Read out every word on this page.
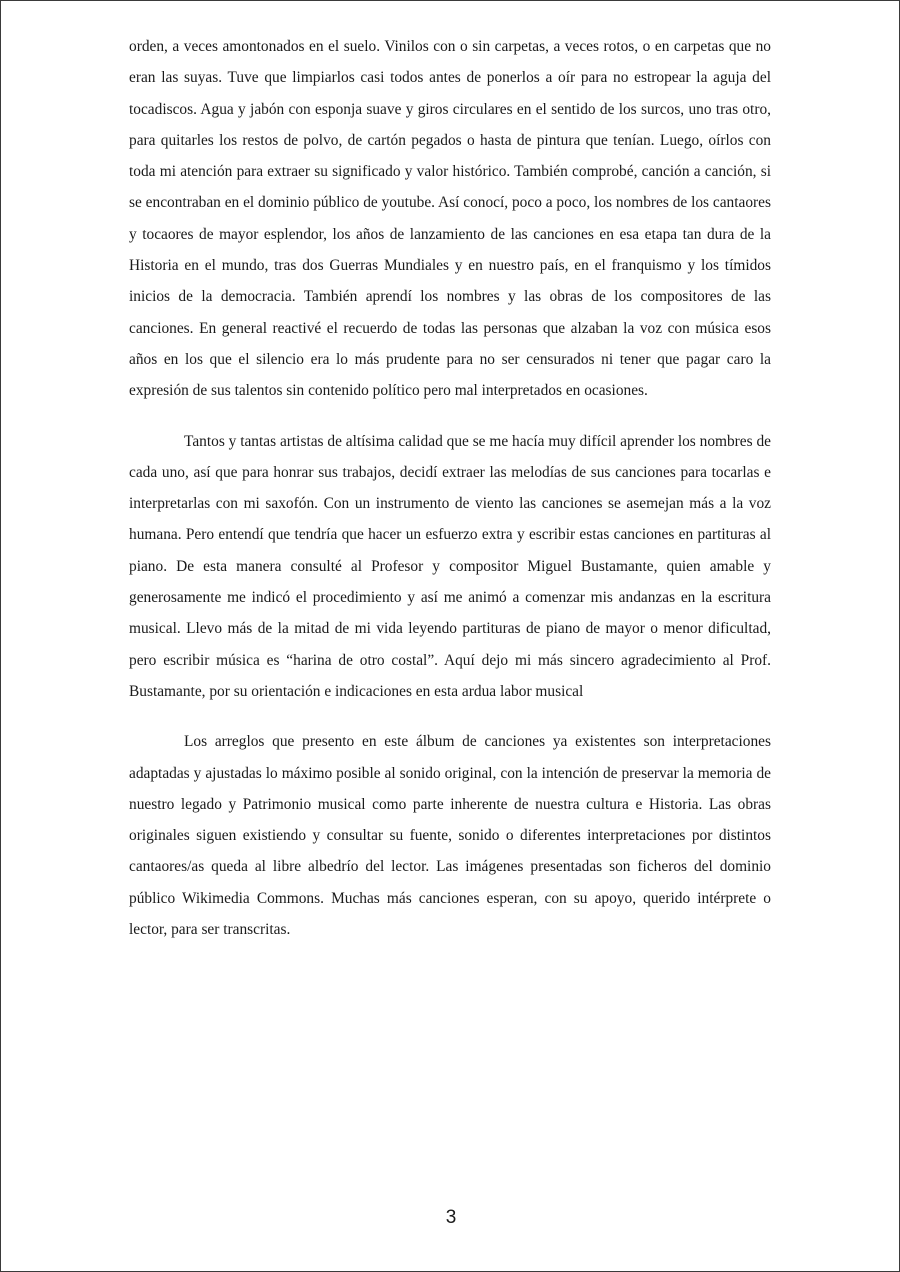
orden, a veces amontonados en el suelo. Vinilos con o sin carpetas, a veces rotos, o en carpetas que no eran las suyas. Tuve que limpiarlos casi todos antes de ponerlos a oír para no estropear la aguja del tocadiscos. Agua y jabón con esponja suave y giros circulares en el sentido de los surcos, uno tras otro, para quitarles los restos de polvo, de cartón pegados o hasta de pintura que tenían. Luego, oírlos con toda mi atención para extraer su significado y valor histórico. También comprobé, canción a canción, si se encontraban en el dominio público de youtube. Así conocí, poco a poco, los nombres de los cantaores y tocaores de mayor esplendor, los años de lanzamiento de las canciones en esa etapa tan dura de la Historia en el mundo, tras dos Guerras Mundiales y en nuestro país, en el franquismo y los tímidos inicios de la democracia. También aprendí los nombres y las obras de los compositores de las canciones. En general reactivé el recuerdo de todas las personas que alzaban la voz con música esos años en los que el silencio era lo más prudente para no ser censurados ni tener que pagar caro la expresión de sus talentos sin contenido político pero mal interpretados en ocasiones.

Tantos y tantas artistas de altísima calidad que se me hacía muy difícil aprender los nombres de cada uno, así que para honrar sus trabajos, decidí extraer las melodías de sus canciones para tocarlas e interpretarlas con mi saxofón. Con un instrumento de viento las canciones se asemejan más a la voz humana. Pero entendí que tendría que hacer un esfuerzo extra y escribir estas canciones en partituras al piano. De esta manera consulté al Profesor y compositor Miguel Bustamante, quien amable y generosamente me indicó el procedimiento y así me animó a comenzar mis andanzas en la escritura musical. Llevo más de la mitad de mi vida leyendo partituras de piano de mayor o menor dificultad, pero escribir música es “harina de otro costal”. Aquí dejo mi más sincero agradecimiento al Prof. Bustamante, por su orientación e indicaciones en esta ardua labor musical

Los arreglos que presento en este álbum de canciones ya existentes son interpretaciones adaptadas y ajustadas lo máximo posible al sonido original, con la intención de preservar la memoria de nuestro legado y Patrimonio musical como parte inherente de nuestra cultura e Historia. Las obras originales siguen existiendo y consultar su fuente, sonido o diferentes interpretaciones por distintos cantaores/as queda al libre albedrío del lector. Las imágenes presentadas son ficheros del dominio público Wikimedia Commons. Muchas más canciones esperan, con su apoyo, querido intérprete o lector, para ser transcritas.

3
